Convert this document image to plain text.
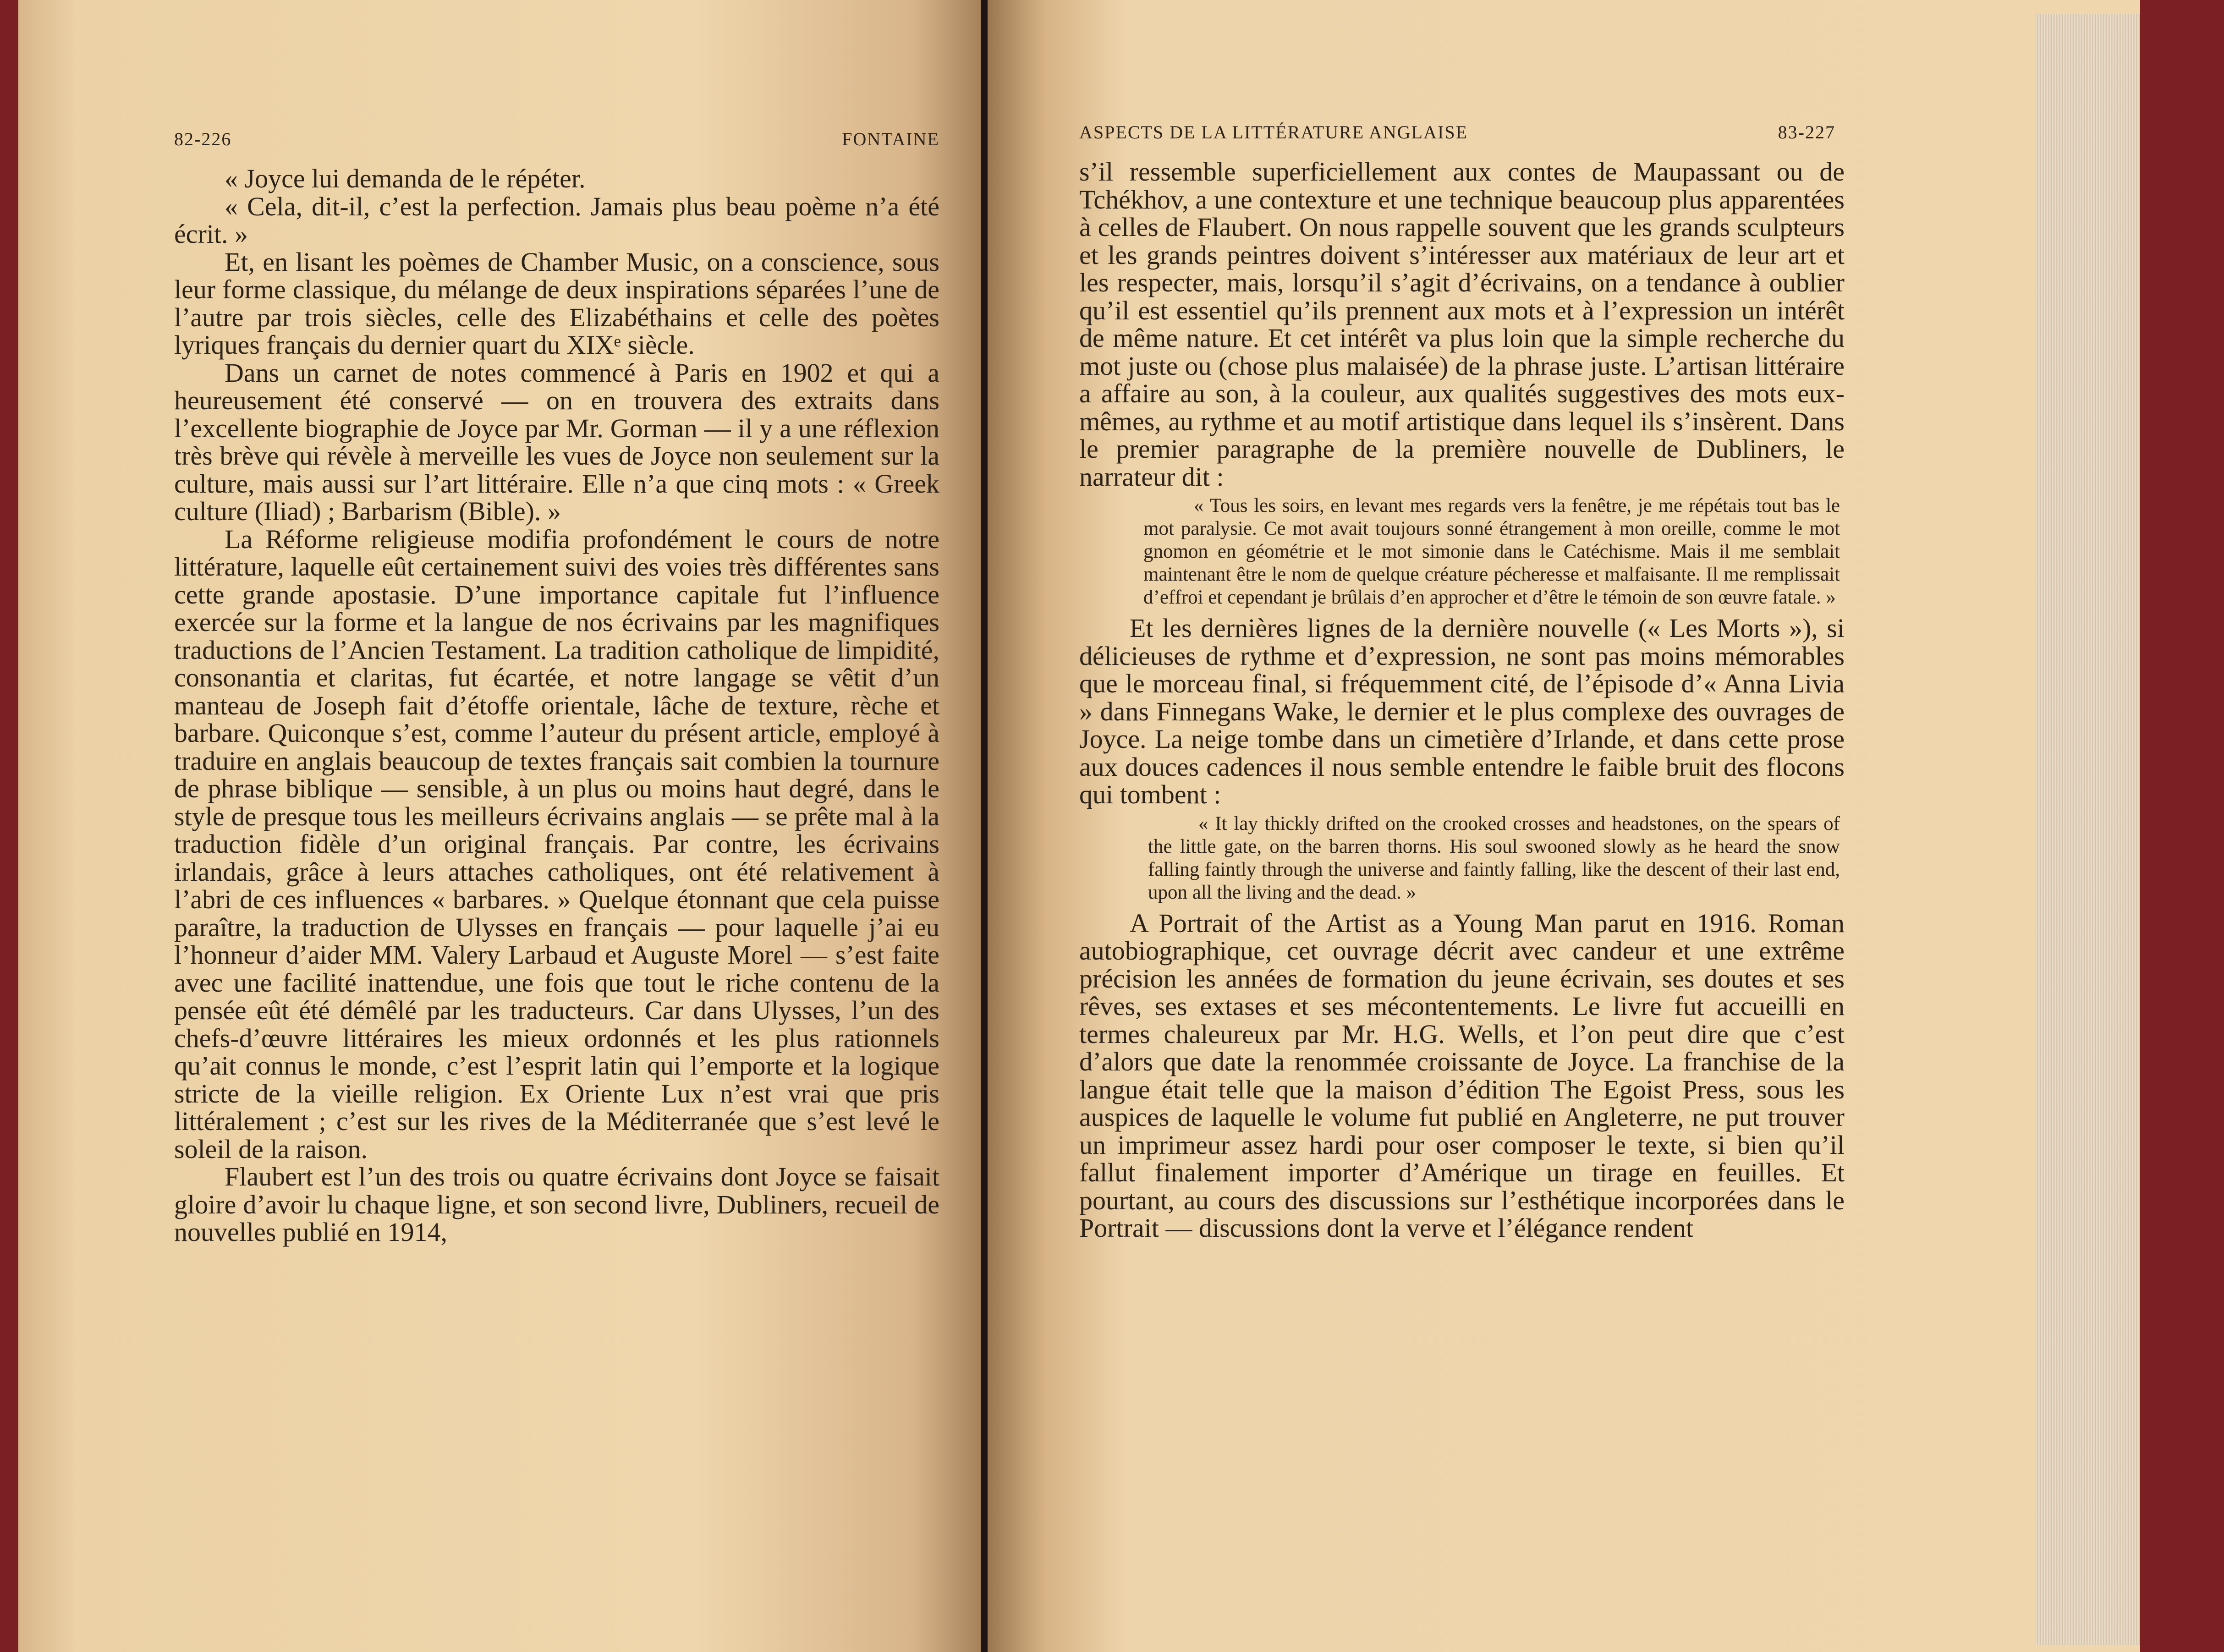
82-226	FONTAINE

« Joyce lui demanda de le répéter.

« Cela, dit-il, c’est la perfection. Jamais plus beau poème n’a été écrit. »

Et, en lisant les poèmes de Chamber Music, on a conscience, sous leur forme classique, du mélange de deux inspirations séparées l’une de l’autre par trois siècles, celle des Elizabéthains et celle des poètes lyriques français du dernier quart du XIXᵉ siècle.

Dans un carnet de notes commencé à Paris en 1902 et qui a heureusement été conservé — on en trouvera des extraits dans l’excellente biographie de Joyce par Mr. Gorman — il y a une réflexion très brève qui révèle à merveille les vues de Joyce non seulement sur la culture, mais aussi sur l’art littéraire. Elle n’a que cinq mots : « Greek culture (Iliad) ; Barbarism (Bible). »

La Réforme religieuse modifia profondément le cours de notre littérature, laquelle eût certainement suivi des voies très différentes sans cette grande apostasie. D’une importance capitale fut l’influence exercée sur la forme et la langue de nos écrivains par les magnifiques traductions de l’Ancien Testament. La tradition catholique de limpidité, consonantia et claritas, fut écartée, et notre langage se vêtit d’un manteau de Joseph fait d’étoffe orientale, lâche de texture, rèche et barbare. Quiconque s’est, comme l’auteur du présent article, employé à traduire en anglais beaucoup de textes français sait combien la tournure de phrase biblique — sensible, à un plus ou moins haut degré, dans le style de presque tous les meilleurs écrivains anglais — se prête mal à la traduction fidèle d’un original français. Par contre, les écrivains irlandais, grâce à leurs attaches catholiques, ont été relativement à l’abri de ces influences « barbares. » Quelque étonnant que cela puisse paraître, la traduction de Ulysses en français — pour laquelle j’ai eu l’honneur d’aider MM. Valery Larbaud et Auguste Morel — s’est faite avec une facilité inattendue, une fois que tout le riche contenu de la pensée eût été démêlé par les traducteurs. Car dans Ulysses, l’un des chefs-d’œuvre littéraires les mieux ordonnés et les plus rationnels qu’ait connus le monde, c’est l’esprit latin qui l’emporte et la logique stricte de la vieille religion. Ex Oriente Lux n’est vrai que pris littéralement ; c’est sur les rives de la Méditerranée que s’est levé le soleil de la raison.

Flaubert est l’un des trois ou quatre écrivains dont Joyce se faisait gloire d’avoir lu chaque ligne, et son second livre, Dubliners, recueil de nouvelles publié en 1914,

ASPECTS DE LA LITTÉRATURE ANGLAISE	83-227

s’il ressemble superficiellement aux contes de Maupassant ou de Tchékhov, a une contexture et une technique beaucoup plus apparentées à celles de Flaubert. On nous rappelle souvent que les grands sculpteurs et les grands peintres doivent s’intéresser aux matériaux de leur art et les respecter, mais, lorsqu’il s’agit d’écrivains, on a tendance à oublier qu’il est essentiel qu’ils prennent aux mots et à l’expression un intérêt de même nature. Et cet intérêt va plus loin que la simple recherche du mot juste ou (chose plus malaisée) de la phrase juste. L’artisan littéraire a affaire au son, à la couleur, aux qualités suggestives des mots eux-mêmes, au rythme et au motif artistique dans lequel ils s’insèrent. Dans le premier paragraphe de la première nouvelle de Dubliners, le narrateur dit :

« Tous les soirs, en levant mes regards vers la fenêtre, je me répétais tout bas le mot paralysie. Ce mot avait toujours sonné étrangement à mon oreille, comme le mot gnomon en géométrie et le mot simonie dans le Catéchisme. Mais il me semblait maintenant être le nom de quelque créature pécheresse et malfaisante. Il me remplissait d’effroi et cependant je brûlais d’en approcher et d’être le témoin de son œuvre fatale. »

Et les dernières lignes de la dernière nouvelle (« Les Morts »), si délicieuses de rythme et d’expression, ne sont pas moins mémorables que le morceau final, si fréquemment cité, de l’épisode d’« Anna Livia » dans Finnegans Wake, le dernier et le plus complexe des ouvrages de Joyce. La neige tombe dans un cimetière d’Irlande, et dans cette prose aux douces cadences il nous semble entendre le faible bruit des flocons qui tombent :

« It lay thickly drifted on the crooked crosses and headstones, on the spears of the little gate, on the barren thorns. His soul swooned slowly as he heard the snow falling faintly through the universe and faintly falling, like the descent of their last end, upon all the living and the dead. »

A Portrait of the Artist as a Young Man parut en 1916. Roman autobiographique, cet ouvrage décrit avec candeur et une extrême précision les années de formation du jeune écrivain, ses doutes et ses rêves, ses extases et ses mécontentements. Le livre fut accueilli en termes chaleureux par Mr. H.G. Wells, et l’on peut dire que c’est d’alors que date la renommée croissante de Joyce. La franchise de la langue était telle que la maison d’édition The Egoist Press, sous les auspices de laquelle le volume fut publié en Angleterre, ne put trouver un imprimeur assez hardi pour oser composer le texte, si bien qu’il fallut finalement importer d’Amérique un tirage en feuilles. Et pourtant, au cours des discussions sur l’esthétique incorporées dans le Portrait — discussions dont la verve et l’élégance rendent
